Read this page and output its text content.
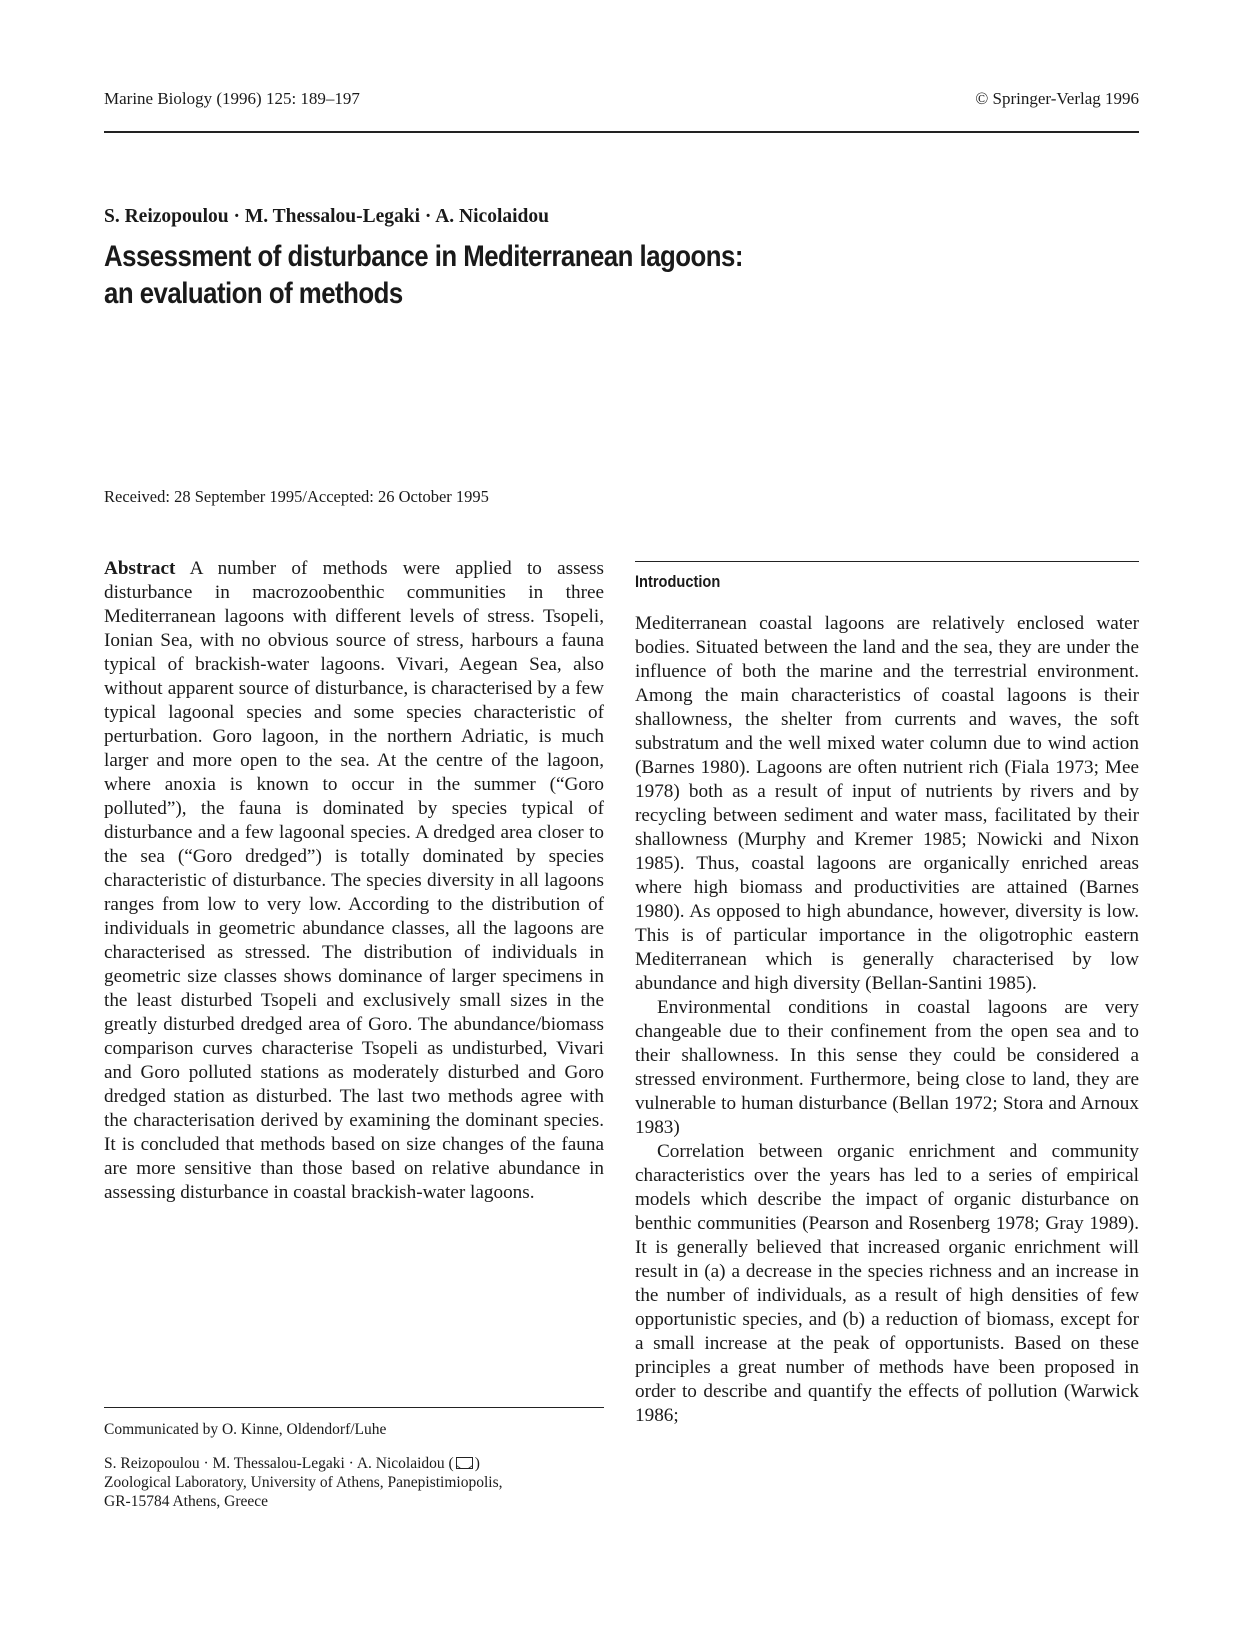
Marine Biology (1996) 125: 189–197	© Springer-Verlag 1996
S. Reizopoulou · M. Thessalou-Legaki · A. Nicolaidou
Assessment of disturbance in Mediterranean lagoons:
an evaluation of methods
Received: 28 September 1995/Accepted: 26 October 1995

Abstract A number of methods were applied to assess disturbance in macrozoobenthic communities in three Mediterranean lagoons with different levels of stress. Tsopeli, Ionian Sea, with no obvious source of stress, harbours a fauna typical of brackish-water lagoons. Vivari, Aegean Sea, also without apparent source of disturbance, is characterised by a few typical lagoonal species and some species characteristic of perturbation. Goro lagoon, in the northern Adriatic, is much larger and more open to the sea. At the centre of the lagoon, where anoxia is known to occur in the summer (“Goro polluted”), the fauna is dominated by species typical of disturbance and a few lagoonal species. A dredged area closer to the sea (“Goro dredged”) is totally dominated by species characteristic of disturbance. The species diversity in all lagoons ranges from low to very low. According to the distribution of individuals in geometric abundance classes, all the lagoons are characterised as stressed. The distribution of individuals in geometric size classes shows dominance of larger specimens in the least disturbed Tsopeli and exclusively small sizes in the greatly disturbed dredged area of Goro. The abundance/biomass comparison curves characterise Tsopeli as undisturbed, Vivari and Goro polluted stations as moderately disturbed and Goro dredged station as disturbed. The last two methods agree with the characterisation derived by examining the dominant species. It is concluded that methods based on size changes of the fauna are more sensitive than those based on relative abundance in assessing disturbance in coastal brackish-water lagoons.

Communicated by O. Kinne, Oldendorf/Luhe
S. Reizopoulou · M. Thessalou-Legaki · A. Nicolaidou ( )
Zoological Laboratory, University of Athens, Panepistimiopolis,
GR-15784 Athens, Greece
Introduction

Mediterranean coastal lagoons are relatively enclosed water bodies. Situated between the land and the sea, they are under the influence of both the marine and the terrestrial environment. Among the main characteristics of coastal lagoons is their shallowness, the shelter from currents and waves, the soft substratum and the well mixed water column due to wind action (Barnes 1980). Lagoons are often nutrient rich (Fiala 1973; Mee 1978) both as a result of input of nutrients by rivers and by recycling between sediment and water mass, facilitated by their shallowness (Murphy and Kremer 1985; Nowicki and Nixon 1985). Thus, coastal lagoons are organically enriched areas where high biomass and productivities are attained (Barnes 1980). As opposed to high abundance, however, diversity is low. This is of particular importance in the oligotrophic eastern Mediterranean which is generally characterised by low abundance and high diversity (Bellan-Santini 1985).

Environmental conditions in coastal lagoons are very changeable due to their confinement from the open sea and to their shallowness. In this sense they could be considered a stressed environment. Furthermore, being close to land, they are vulnerable to human disturbance (Bellan 1972; Stora and Arnoux 1983)

Correlation between organic enrichment and community characteristics over the years has led to a series of empirical models which describe the impact of organic disturbance on benthic communities (Pearson and Rosenberg 1978; Gray 1989). It is generally believed that increased organic enrichment will result in (a) a decrease in the species richness and an increase in the number of individuals, as a result of high densities of few opportunistic species, and (b) a reduction of biomass, except for a small increase at the peak of opportunists. Based on these principles a great number of methods have been proposed in order to describe and quantify the effects of pollution (Warwick 1986;
